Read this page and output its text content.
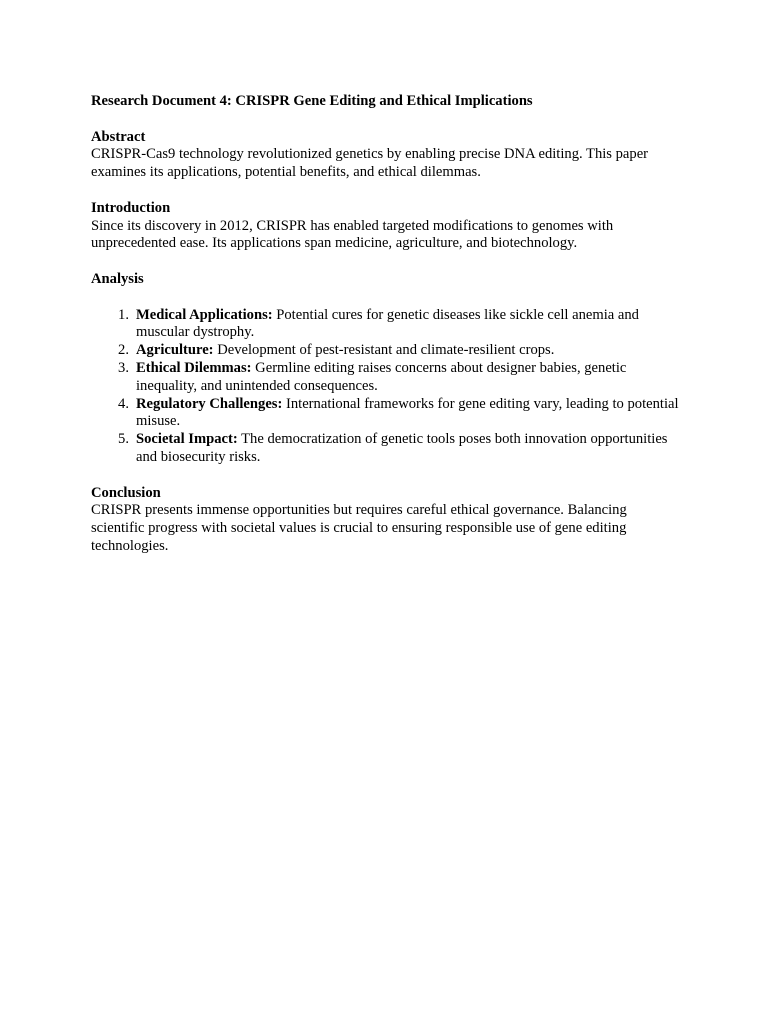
Research Document 4: CRISPR Gene Editing and Ethical Implications
Abstract
CRISPR-Cas9 technology revolutionized genetics by enabling precise DNA editing. This paper examines its applications, potential benefits, and ethical dilemmas.
Introduction
Since its discovery in 2012, CRISPR has enabled targeted modifications to genomes with unprecedented ease. Its applications span medicine, agriculture, and biotechnology.
Analysis
1. Medical Applications: Potential cures for genetic diseases like sickle cell anemia and muscular dystrophy.
2. Agriculture: Development of pest-resistant and climate-resilient crops.
3. Ethical Dilemmas: Germline editing raises concerns about designer babies, genetic inequality, and unintended consequences.
4. Regulatory Challenges: International frameworks for gene editing vary, leading to potential misuse.
5. Societal Impact: The democratization of genetic tools poses both innovation opportunities and biosecurity risks.
Conclusion
CRISPR presents immense opportunities but requires careful ethical governance. Balancing scientific progress with societal values is crucial to ensuring responsible use of gene editing technologies.
